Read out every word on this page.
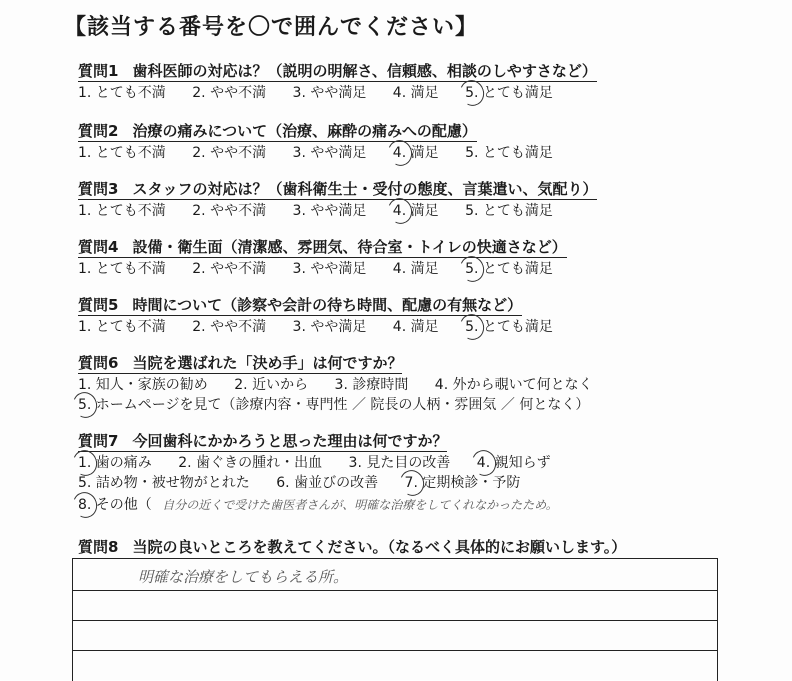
【該当する番号を〇で囲んでください】
質問1 歯科医師の対応は？（説明の明解さ、信頼感、相談のしやすさなど）
1. とても不満 2. やや不満 3. やや満足 4. 満足 5. とても満足
質問2 治療の痛みについて（治療、麻酔の痛みへの配慮）
1. とても不満 2. やや不満 3. やや満足 4. 満足 5. とても満足
質問3 スタッフの対応は？（歯科衛生士・受付の態度、言葉遣い、気配り）
1. とても不満 2. やや不満 3. やや満足 4. 満足 5. とても満足
質問4 設備・衛生面（清潔感、雰囲気、待合室・トイレの快適さなど）
1. とても不満 2. やや不満 3. やや満足 4. 満足 5. とても満足
質問5 時間について（診察や会計の待ち時間、配慮の有無など）
1. とても不満 2. やや不満 3. やや満足 4. 満足 5. とても満足
質問6 当院を選ばれた「決め手」は何ですか？
1. 知人・家族の勧め 2. 近いから 3. 診療時間 4. 外から覗いて何となく
5. ホームページを見て（診療内容・専門性 ／ 院長の人柄・雰囲気 ／ 何となく）
質問7 今回歯科にかかろうと思った理由は何ですか？
1. 歯の痛み 2. 歯ぐきの腫れ・出血 3. 見た目の改善 4. 親知らず
5. 詰め物・被せ物がとれた 6. 歯並びの改善 7. 定期検診・予防
8. その他（ 自分の近くで受けた歯医者さんが、明確な治療をしてくれなかったため。
質問8 当院の良いところを教えてください。（なるべく具体的にお願いします。）
明確な治療をしてもらえる所。
